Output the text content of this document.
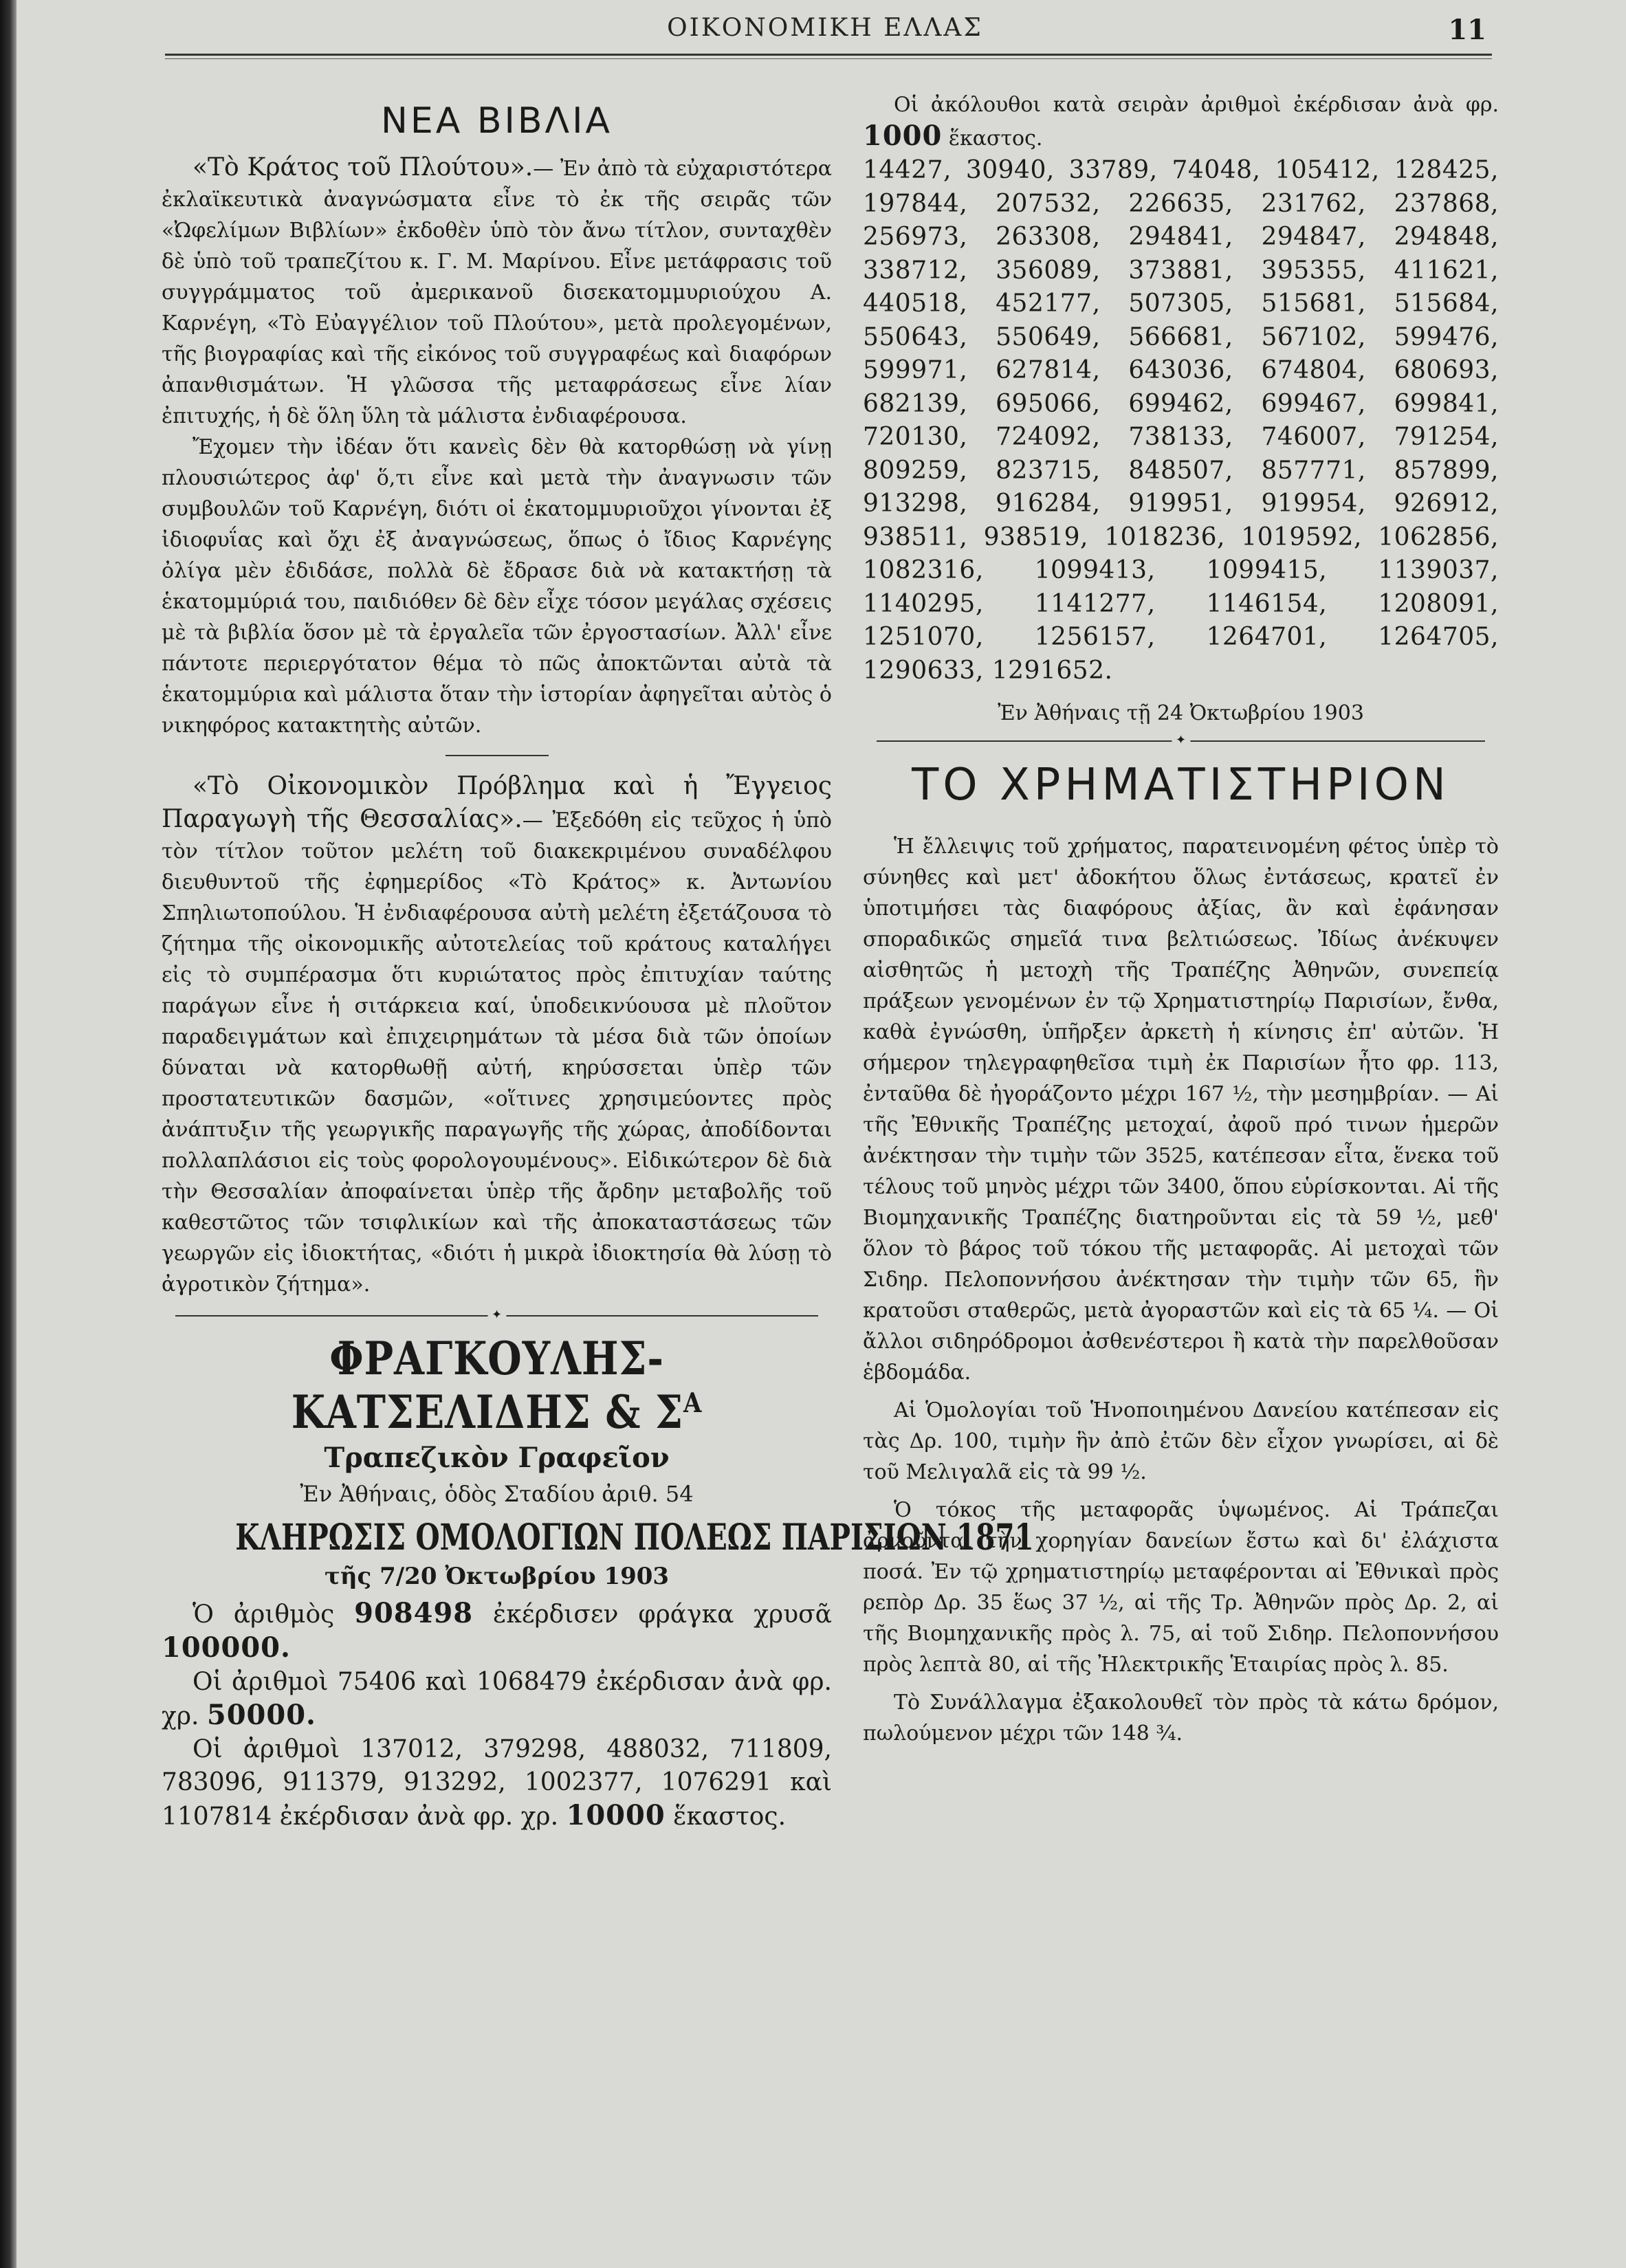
ΟΙΚΟΝΟΜΙΚΗ ΕΛΛΑΣ	11
ΝΕΑ ΒΙΒΛΙΑ

«Τὸ Κράτος τοῦ Πλούτου».— Ἐν ἀπὸ τὰ εὐχαριστότερα ἐκλαϊκευτικὰ ἀναγνώσματα εἶνε τὸ ἐκ τῆς σειρᾶς τῶν «Ὠφελίμων Βιβλίων» ἐκδοθὲν ὑπὸ τὸν ἄνω τίτλον, συνταχθὲν δὲ ὑπὸ τοῦ τραπεζίτου κ. Γ. Μ. Μαρίνου. Εἶνε μετάφρασις τοῦ συγγράμματος τοῦ ἀμερικανοῦ δισεκατομμυριούχου Α. Καρνέγη, «Τὸ Εὐαγγέλιον τοῦ Πλούτου», μετὰ προλεγομένων, τῆς βιογραφίας καὶ τῆς εἰκόνος τοῦ συγγραφέως καὶ διαφόρων ἀπανθισμάτων. Ἡ γλῶσσα τῆς μεταφράσεως εἶνε λίαν ἐπιτυχής, ἡ δὲ ὅλη ὕλη τὰ μάλιστα ἐνδιαφέρουσα.

Ἔχομεν τὴν ἰδέαν ὅτι κανεὶς δὲν θὰ κατορθώσῃ νὰ γίνῃ πλουσιώτερος ἀφ' ὅ,τι εἶνε καὶ μετὰ τὴν ἀναγνωσιν τῶν συμβουλῶν τοῦ Καρνέγη, διότι οἱ ἑκατομμυριοῦχοι γίνονται ἐξ ἰδιοφυΐας καὶ ὄχι ἐξ ἀναγνώσεως, ὅπως ὁ ἴδιος Καρνέγης ὀλίγα μὲν ἐδιδάσε, πολλὰ δὲ ἔδρασε διὰ νὰ κατακτήσῃ τὰ ἑκατομμύριά του, παιδιόθεν δὲ δὲν εἶχε τόσον μεγάλας σχέσεις μὲ τὰ βιβλία ὅσον μὲ τὰ ἐργαλεῖα τῶν ἐργοστασίων. Ἀλλ' εἶνε πάντοτε περιεργότατον θέμα τὸ πῶς ἀποκτῶνται αὐτὰ τὰ ἑκατομμύρια καὶ μάλιστα ὅταν τὴν ἱστορίαν ἀφηγεῖται αὐτὸς ὁ νικηφόρος κατακτητὴς αὐτῶν.

«Τὸ Οἰκονομικὸν Πρόβλημα καὶ ἡ Ἔγγειος Παραγωγὴ τῆς Θεσσαλίας».— Ἐξεδόθη εἰς τεῦχος ἡ ὑπὸ τὸν τίτλον τοῦτον μελέτη τοῦ διακεκριμένου συναδέλφου διευθυντοῦ τῆς ἐφημερίδος «Τὸ Κράτος» κ. Ἀντωνίου Σπηλιωτοπούλου. Ἡ ἐνδιαφέρουσα αὐτὴ μελέτη ἐξετάζουσα τὸ ζήτημα τῆς οἰκονομικῆς αὐτοτελείας τοῦ κράτους καταλήγει εἰς τὸ συμπέρασμα ὅτι κυριώτατος πρὸς ἐπιτυχίαν ταύτης παράγων εἶνε ἡ σιτάρκεια καί, ὑποδεικνύουσα μὲ πλοῦτον παραδειγμάτων καὶ ἐπιχειρημάτων τὰ μέσα διὰ τῶν ὁποίων δύναται νὰ κατορθωθῇ αὐτή, κηρύσσεται ὑπὲρ τῶν προστατευτικῶν δασμῶν, «οἵτινες χρησιμεύοντες πρὸς ἀνάπτυξιν τῆς γεωργικῆς παραγωγῆς τῆς χώρας, ἀποδίδονται πολλαπλάσιοι εἰς τοὺς φορολογουμένους». Εἰδικώτερον δὲ διὰ τὴν Θεσσαλίαν ἀποφαίνεται ὑπὲρ τῆς ἄρδην μεταβολῆς τοῦ καθεστῶτος τῶν τσιφλικίων καὶ τῆς ἀποκαταστάσεως τῶν γεωργῶν εἰς ἰδιοκτήτας, «διότι ἡ μικρὰ ἰδιοκτησία θὰ λύσῃ τὸ ἀγροτικὸν ζήτημα».

✦
ΦΡΑΓΚΟΥΛΗΣ-ΚΑΤΣΕΛΙΔΗΣ & $\Sigma^A$
Τραπεζικὸν Γραφεῖον
Ἐν Ἀθήναις, ὁδὸς Σταδίου ἀριθ. 54
ΚΛΗΡΩΣΙΣ ΟΜΟΛΟΓΙΩΝ ΠΟΛΕΩΣ ΠΑΡΙΣΙΩΝ 1871
τῆς 7/20 Ὀκτωβρίου 1903

Ὁ ἀριθμὸς 908498 ἐκέρδισεν φράγκα χρυσᾶ 100000.

Οἱ ἀριθμοὶ 75406 καὶ 1068479 ἐκέρδισαν ἀνὰ φρ. χρ. 50000.

Οἱ ἀριθμοὶ 137012, 379298, 488032, 711809, 783096, 911379, 913292, 1002377, 1076291 καὶ 1107814 ἐκέρδισαν ἀνὰ φρ. χρ. 10000 ἕκαστος.

Οἱ ἀκόλουθοι κατὰ σειρὰν ἀριθμοὶ ἐκέρδισαν ἀνὰ φρ. 1000 ἕκαστος.

14427, 30940, 33789, 74048, 105412, 128425, 197844, 207532, 226635, 231762, 237868, 256973, 263308, 294841, 294847, 294848, 338712, 356089, 373881, 395355, 411621, 440518, 452177, 507305, 515681, 515684, 550643, 550649, 566681, 567102, 599476, 599971, 627814, 643036, 674804, 680693, 682139, 695066, 699462, 699467, 699841, 720130, 724092, 738133, 746007, 791254, 809259, 823715, 848507, 857771, 857899, 913298, 916284, 919951, 919954, 926912, 938511, 938519, 1018236, 1019592, 1062856, 1082316, 1099413, 1099415, 1139037, 1140295, 1141277, 1146154, 1208091, 1251070, 1256157, 1264701, 1264705, 1290633, 1291652.

Ἐν Ἀθήναις τῇ 24 Ὀκτωβρίου 1903
✦
ΤΟ ΧΡΗΜΑΤΙΣΤΗΡΙΟΝ

Ἡ ἔλλειψις τοῦ χρήματος, παρατεινομένη φέτος ὑπὲρ τὸ σύνηθες καὶ μετ' ἀδοκήτου ὅλως ἐντάσεως, κρατεῖ ἐν ὑποτιμήσει τὰς διαφόρους ἀξίας, ἂν καὶ ἐφάνησαν σποραδικῶς σημεῖά τινα βελτιώσεως. Ἰδίως ἀνέκυψεν αἰσθητῶς ἡ μετοχὴ τῆς Τραπέζης Ἀθηνῶν, συνεπείᾳ πράξεων γενομένων ἐν τῷ Χρηματιστηρίῳ Παρισίων, ἔνθα, καθὰ ἐγνώσθη, ὑπῆρξεν ἀρκετὴ ἡ κίνησις ἐπ' αὐτῶν. Ἡ σήμερον τηλεγραφηθεῖσα τιμὴ ἐκ Παρισίων ἦτο φρ. 113, ἐνταῦθα δὲ ἠγοράζοντο μέχρι 167 ½, τὴν μεσημβρίαν. — Αἱ τῆς Ἐθνικῆς Τραπέζης μετοχαί, ἀφοῦ πρό τινων ἡμερῶν ἀνέκτησαν τὴν τιμὴν τῶν 3525, κατέπεσαν εἶτα, ἕνεκα τοῦ τέλους τοῦ μηνὸς μέχρι τῶν 3400, ὅπου εὑρίσκονται. Αἱ τῆς Βιομηχανικῆς Τραπέζης διατηροῦνται εἰς τὰ 59 ½, μεθ' ὅλον τὸ βάρος τοῦ τόκου τῆς μεταφορᾶς. Αἱ μετοχαὶ τῶν Σιδηρ. Πελοποννήσου ἀνέκτησαν τὴν τιμὴν τῶν 65, ἣν κρατοῦσι σταθερῶς, μετὰ ἀγοραστῶν καὶ εἰς τὰ 65 ¼. — Οἱ ἄλλοι σιδηρόδρομοι ἀσθενέστεροι ἢ κατὰ τὴν παρελθοῦσαν ἑβδομάδα.

Αἱ Ὁμολογίαι τοῦ Ἡνοποιημένου Δανείου κατέπεσαν εἰς τὰς Δρ. 100, τιμὴν ἣν ἀπὸ ἐτῶν δὲν εἶχον γνωρίσει, αἱ δὲ τοῦ Μελιγαλᾶ εἰς τὰ 99 ½.

Ὁ τόκος τῆς μεταφορᾶς ὑψωμένος. Αἱ Τράπεζαι ἀρνοῦνται τὴν χορηγίαν δανείων ἔστω καὶ δι' ἐλάχιστα ποσά. Ἐν τῷ χρηματιστηρίῳ μεταφέρονται αἱ Ἐθνικαὶ πρὸς ρεπὸρ Δρ. 35 ἕως 37 ½, αἱ τῆς Τρ. Ἀθηνῶν πρὸς Δρ. 2, αἱ τῆς Βιομηχανικῆς πρὸς λ. 75, αἱ τοῦ Σιδηρ. Πελοποννήσου πρὸς λεπτὰ 80, αἱ τῆς Ἠλεκτρικῆς Ἑταιρίας πρὸς λ. 85.

Τὸ Συνάλλαγμα ἐξακολουθεῖ τὸν πρὸς τὰ κάτω δρόμον, πωλούμενον μέχρι τῶν 148 ¾.
